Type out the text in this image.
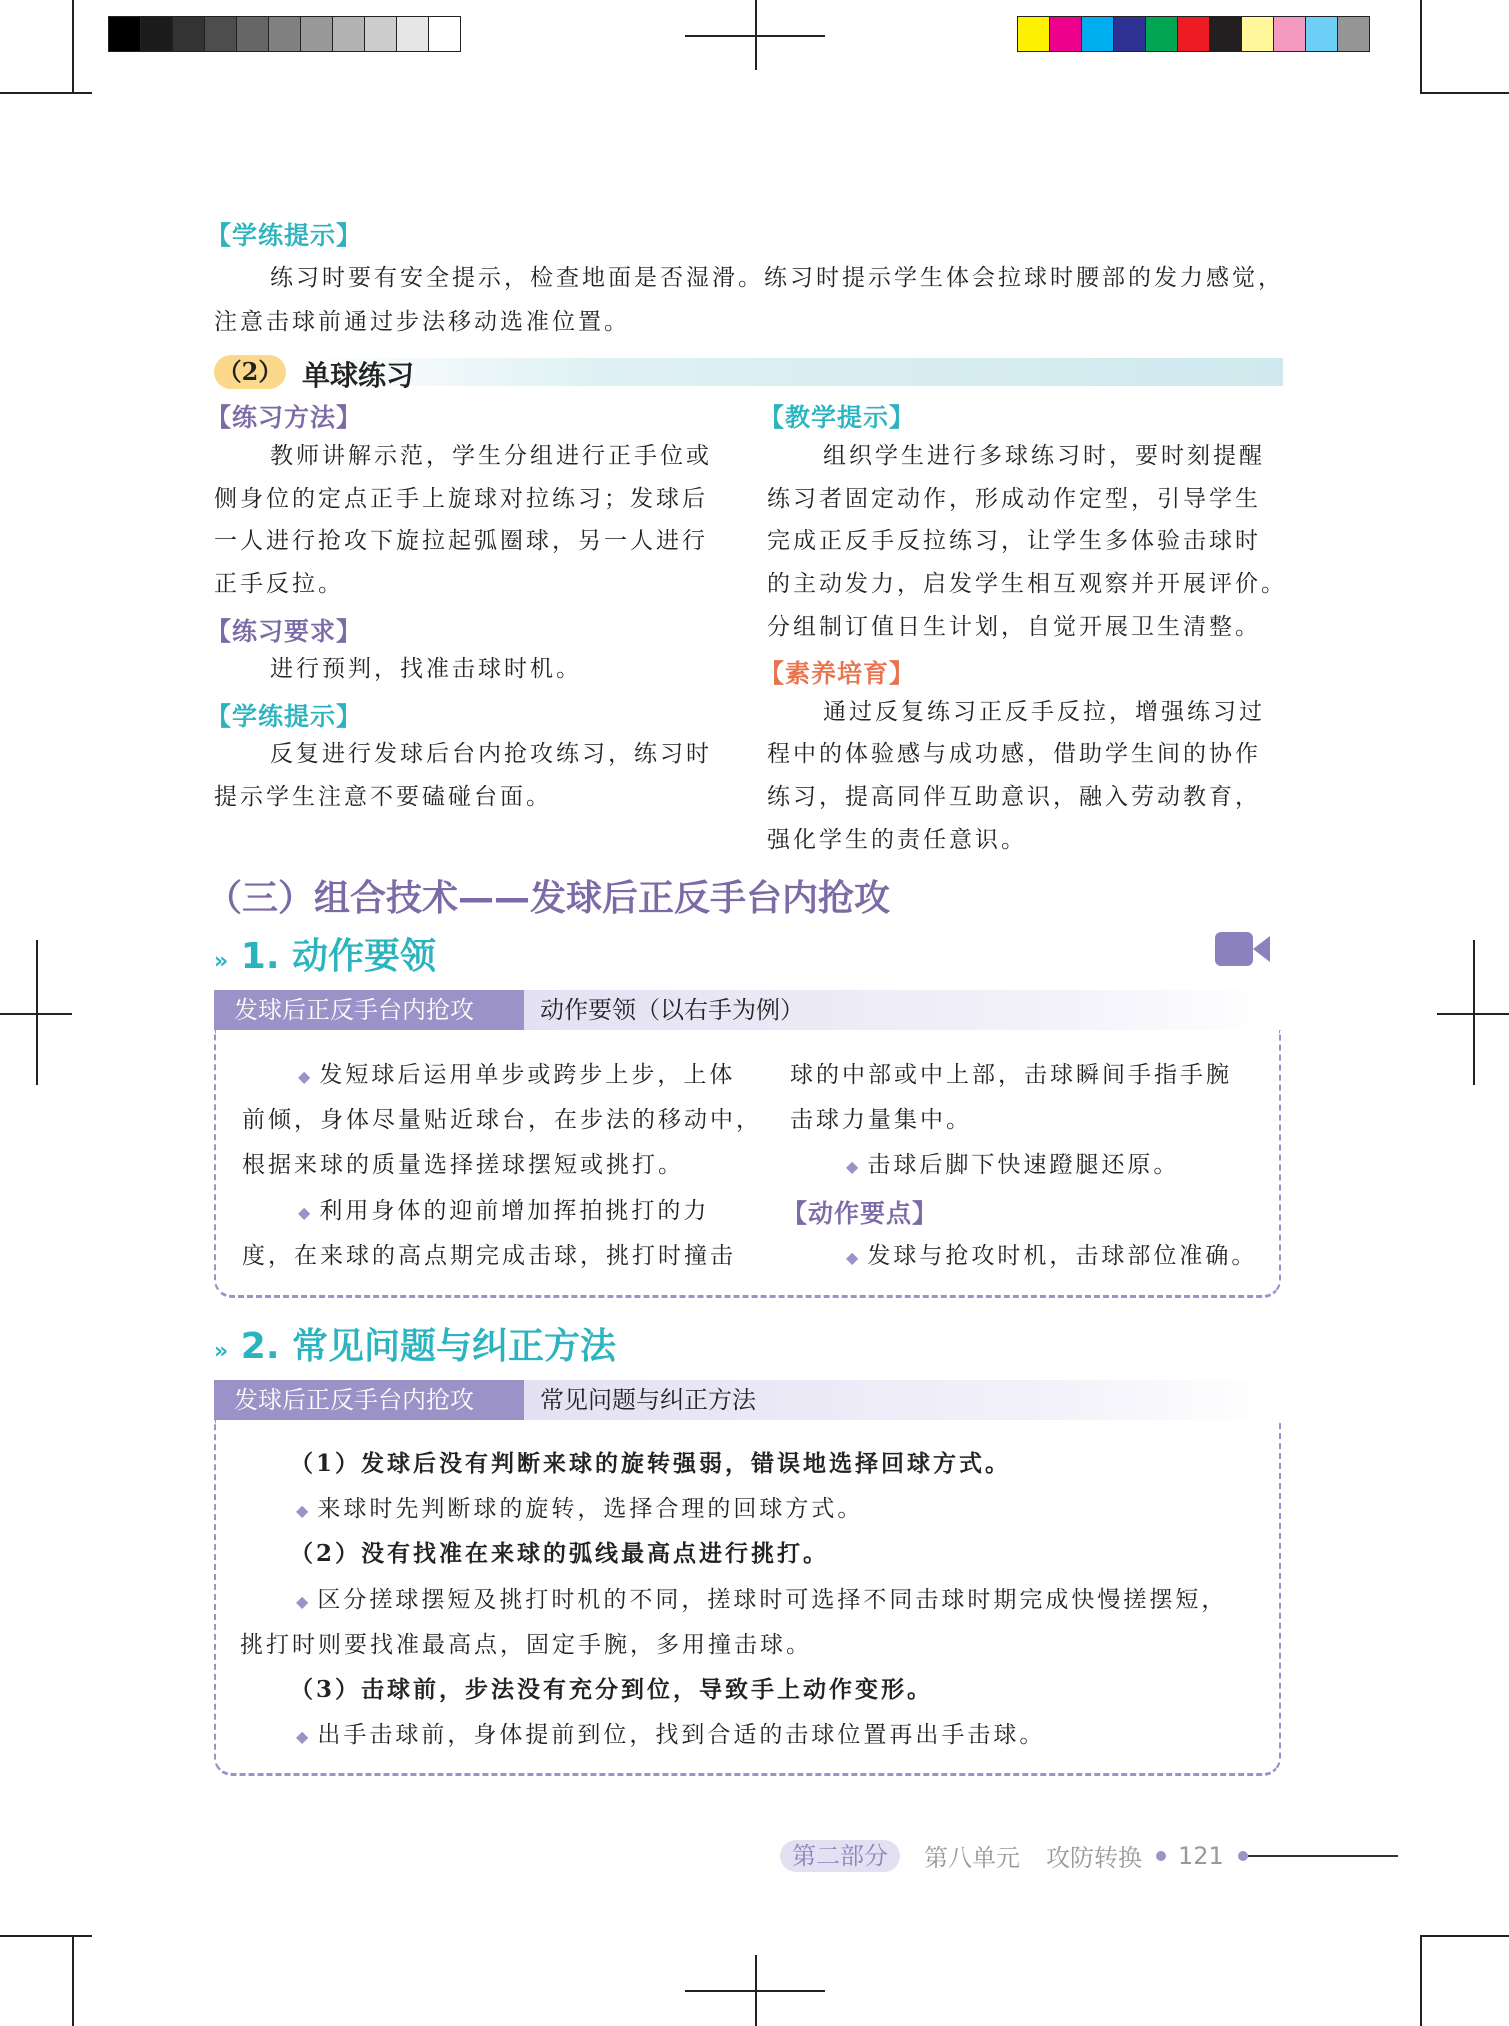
【学练提示】
练习时要有安全提示，检查地面是否湿滑。练习时提示学生体会拉球时腰部的发力感觉，
注意击球前通过步法移动选准位置。
（2） 单球练习
【练习方法】
教师讲解示范，学生分组进行正手位或
侧身位的定点正手上旋球对拉练习；发球后
一人进行抢攻下旋拉起弧圈球，另一人进行
正手反拉。
【练习要求】
进行预判，找准击球时机。
【学练提示】
反复进行发球后台内抢攻练习，练习时
提示学生注意不要磕碰台面。
【教学提示】
组织学生进行多球练习时，要时刻提醒
练习者固定动作，形成动作定型，引导学生
完成正反手反拉练习，让学生多体验击球时
的主动发力，启发学生相互观察并开展评价。
分组制订值日生计划，自觉开展卫生清整。
【素养培育】
通过反复练习正反手反拉，增强练习过
程中的体验感与成功感，借助学生间的协作
练习，提高同伴互助意识，融入劳动教育，
强化学生的责任意识。
（三）组合技术——发球后正反手台内抢攻
» 1. 动作要领
发球后正反手台内抢攻	动作要领（以右手为例）
◆ 发短球后运用单步或跨步上步，上体
前倾，身体尽量贴近球台，在步法的移动中，
根据来球的质量选择搓球摆短或挑打。
◆ 利用身体的迎前增加挥拍挑打的力
度，在来球的高点期完成击球，挑打时撞击
球的中部或中上部，击球瞬间手指手腕
击球力量集中。
◆ 击球后脚下快速蹬腿还原。
【动作要点】
◆ 发球与抢攻时机，击球部位准确。
» 2. 常见问题与纠正方法
发球后正反手台内抢攻	常见问题与纠正方法
（1）发球后没有判断来球的旋转强弱，错误地选择回球方式。
◆ 来球时先判断球的旋转，选择合理的回球方式。
（2）没有找准在来球的弧线最高点进行挑打。
◆ 区分搓球摆短及挑打时机的不同，搓球时可选择不同击球时期完成快慢搓摆短，
挑打时则要找准最高点，固定手腕，多用撞击球。
（3）击球前，步法没有充分到位，导致手上动作变形。
◆ 出手击球前，身体提前到位，找到合适的击球位置再出手击球。
第二部分	第八单元 攻防转换 121
